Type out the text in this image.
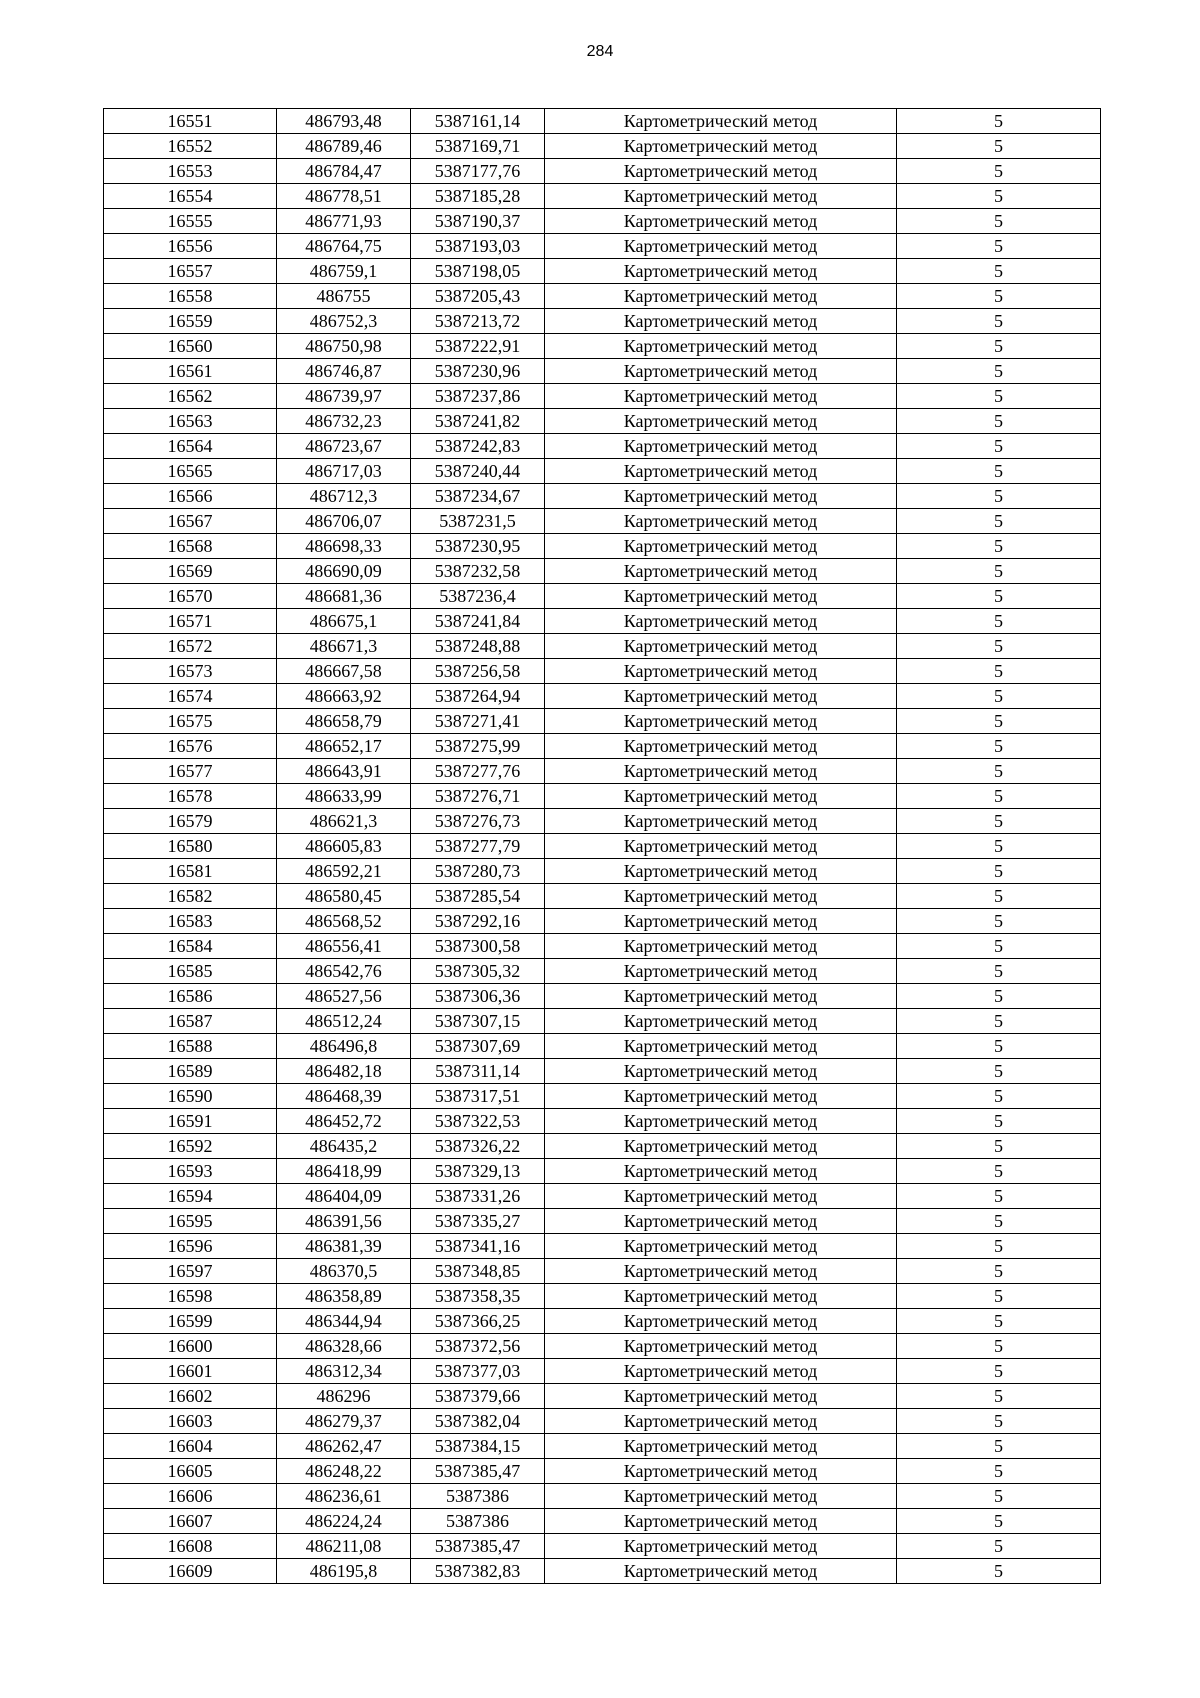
284
16551	486793,48	5387161,14	Картометрический метод	5
16552	486789,46	5387169,71	Картометрический метод	5
16553	486784,47	5387177,76	Картометрический метод	5
16554	486778,51	5387185,28	Картометрический метод	5
16555	486771,93	5387190,37	Картометрический метод	5
16556	486764,75	5387193,03	Картометрический метод	5
16557	486759,1	5387198,05	Картометрический метод	5
16558	486755	5387205,43	Картометрический метод	5
16559	486752,3	5387213,72	Картометрический метод	5
16560	486750,98	5387222,91	Картометрический метод	5
16561	486746,87	5387230,96	Картометрический метод	5
16562	486739,97	5387237,86	Картометрический метод	5
16563	486732,23	5387241,82	Картометрический метод	5
16564	486723,67	5387242,83	Картометрический метод	5
16565	486717,03	5387240,44	Картометрический метод	5
16566	486712,3	5387234,67	Картометрический метод	5
16567	486706,07	5387231,5	Картометрический метод	5
16568	486698,33	5387230,95	Картометрический метод	5
16569	486690,09	5387232,58	Картометрический метод	5
16570	486681,36	5387236,4	Картометрический метод	5
16571	486675,1	5387241,84	Картометрический метод	5
16572	486671,3	5387248,88	Картометрический метод	5
16573	486667,58	5387256,58	Картометрический метод	5
16574	486663,92	5387264,94	Картометрический метод	5
16575	486658,79	5387271,41	Картометрический метод	5
16576	486652,17	5387275,99	Картометрический метод	5
16577	486643,91	5387277,76	Картометрический метод	5
16578	486633,99	5387276,71	Картометрический метод	5
16579	486621,3	5387276,73	Картометрический метод	5
16580	486605,83	5387277,79	Картометрический метод	5
16581	486592,21	5387280,73	Картометрический метод	5
16582	486580,45	5387285,54	Картометрический метод	5
16583	486568,52	5387292,16	Картометрический метод	5
16584	486556,41	5387300,58	Картометрический метод	5
16585	486542,76	5387305,32	Картометрический метод	5
16586	486527,56	5387306,36	Картометрический метод	5
16587	486512,24	5387307,15	Картометрический метод	5
16588	486496,8	5387307,69	Картометрический метод	5
16589	486482,18	5387311,14	Картометрический метод	5
16590	486468,39	5387317,51	Картометрический метод	5
16591	486452,72	5387322,53	Картометрический метод	5
16592	486435,2	5387326,22	Картометрический метод	5
16593	486418,99	5387329,13	Картометрический метод	5
16594	486404,09	5387331,26	Картометрический метод	5
16595	486391,56	5387335,27	Картометрический метод	5
16596	486381,39	5387341,16	Картометрический метод	5
16597	486370,5	5387348,85	Картометрический метод	5
16598	486358,89	5387358,35	Картометрический метод	5
16599	486344,94	5387366,25	Картометрический метод	5
16600	486328,66	5387372,56	Картометрический метод	5
16601	486312,34	5387377,03	Картометрический метод	5
16602	486296	5387379,66	Картометрический метод	5
16603	486279,37	5387382,04	Картометрический метод	5
16604	486262,47	5387384,15	Картометрический метод	5
16605	486248,22	5387385,47	Картометрический метод	5
16606	486236,61	5387386	Картометрический метод	5
16607	486224,24	5387386	Картометрический метод	5
16608	486211,08	5387385,47	Картометрический метод	5
16609	486195,8	5387382,83	Картометрический метод	5
